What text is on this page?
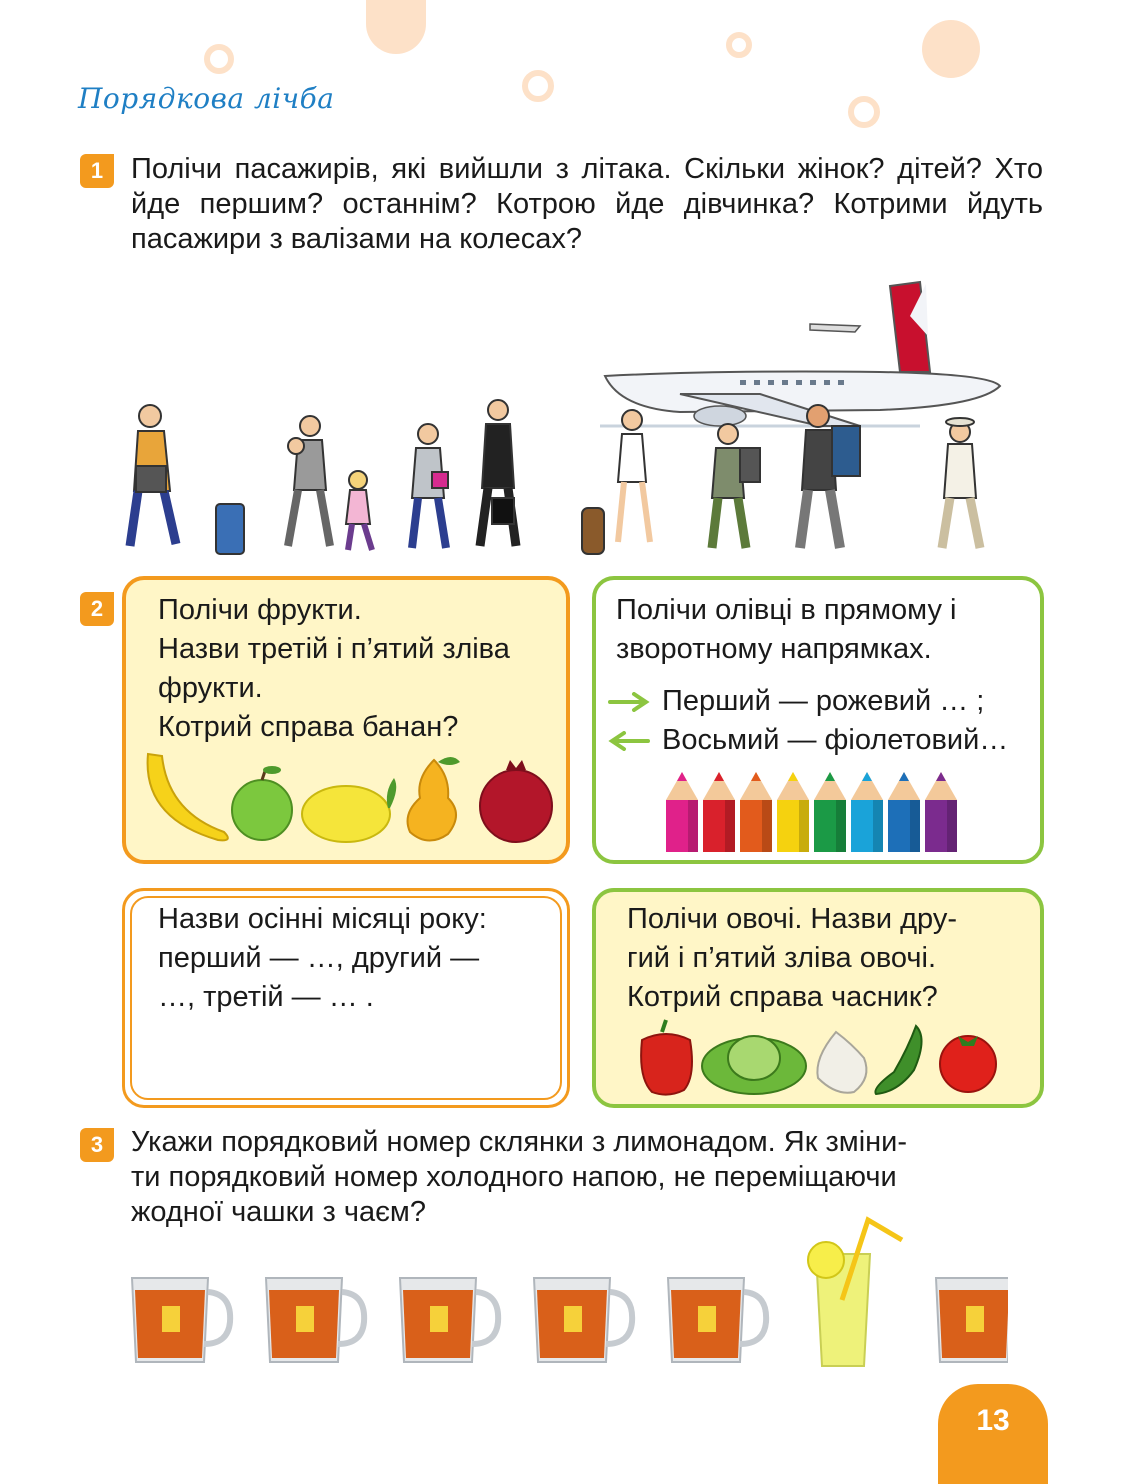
Порядкова лічба
1 Полічи пасажирів, які вийшли з літака. Скільки жінок? дітей? Хто йде першим? останнім? Котрою йде дівчинка? Котрими йдуть пасажири з валізами на колесах?
2	Полічи фрукти.
Назви третій і п’ятий зліва
фрукти.
Котрий справа банан?
Полічи олівці в прямому і
зворотному напрямках.
Перший — рожевий … ;
Восьмий — фіолетовий…
Назви осінні місяці року:
перший — …, другий —
…, третій — … .
Полічи овочі. Назви дру-
гий і п’ятий зліва овочі.
Котрий справа часник?
3 Укажи порядковий номер склянки з лимонадом. Як зміни-
ти порядковий номер холодного напою, не переміщаючи
жодної чашки з чаєм?
13
